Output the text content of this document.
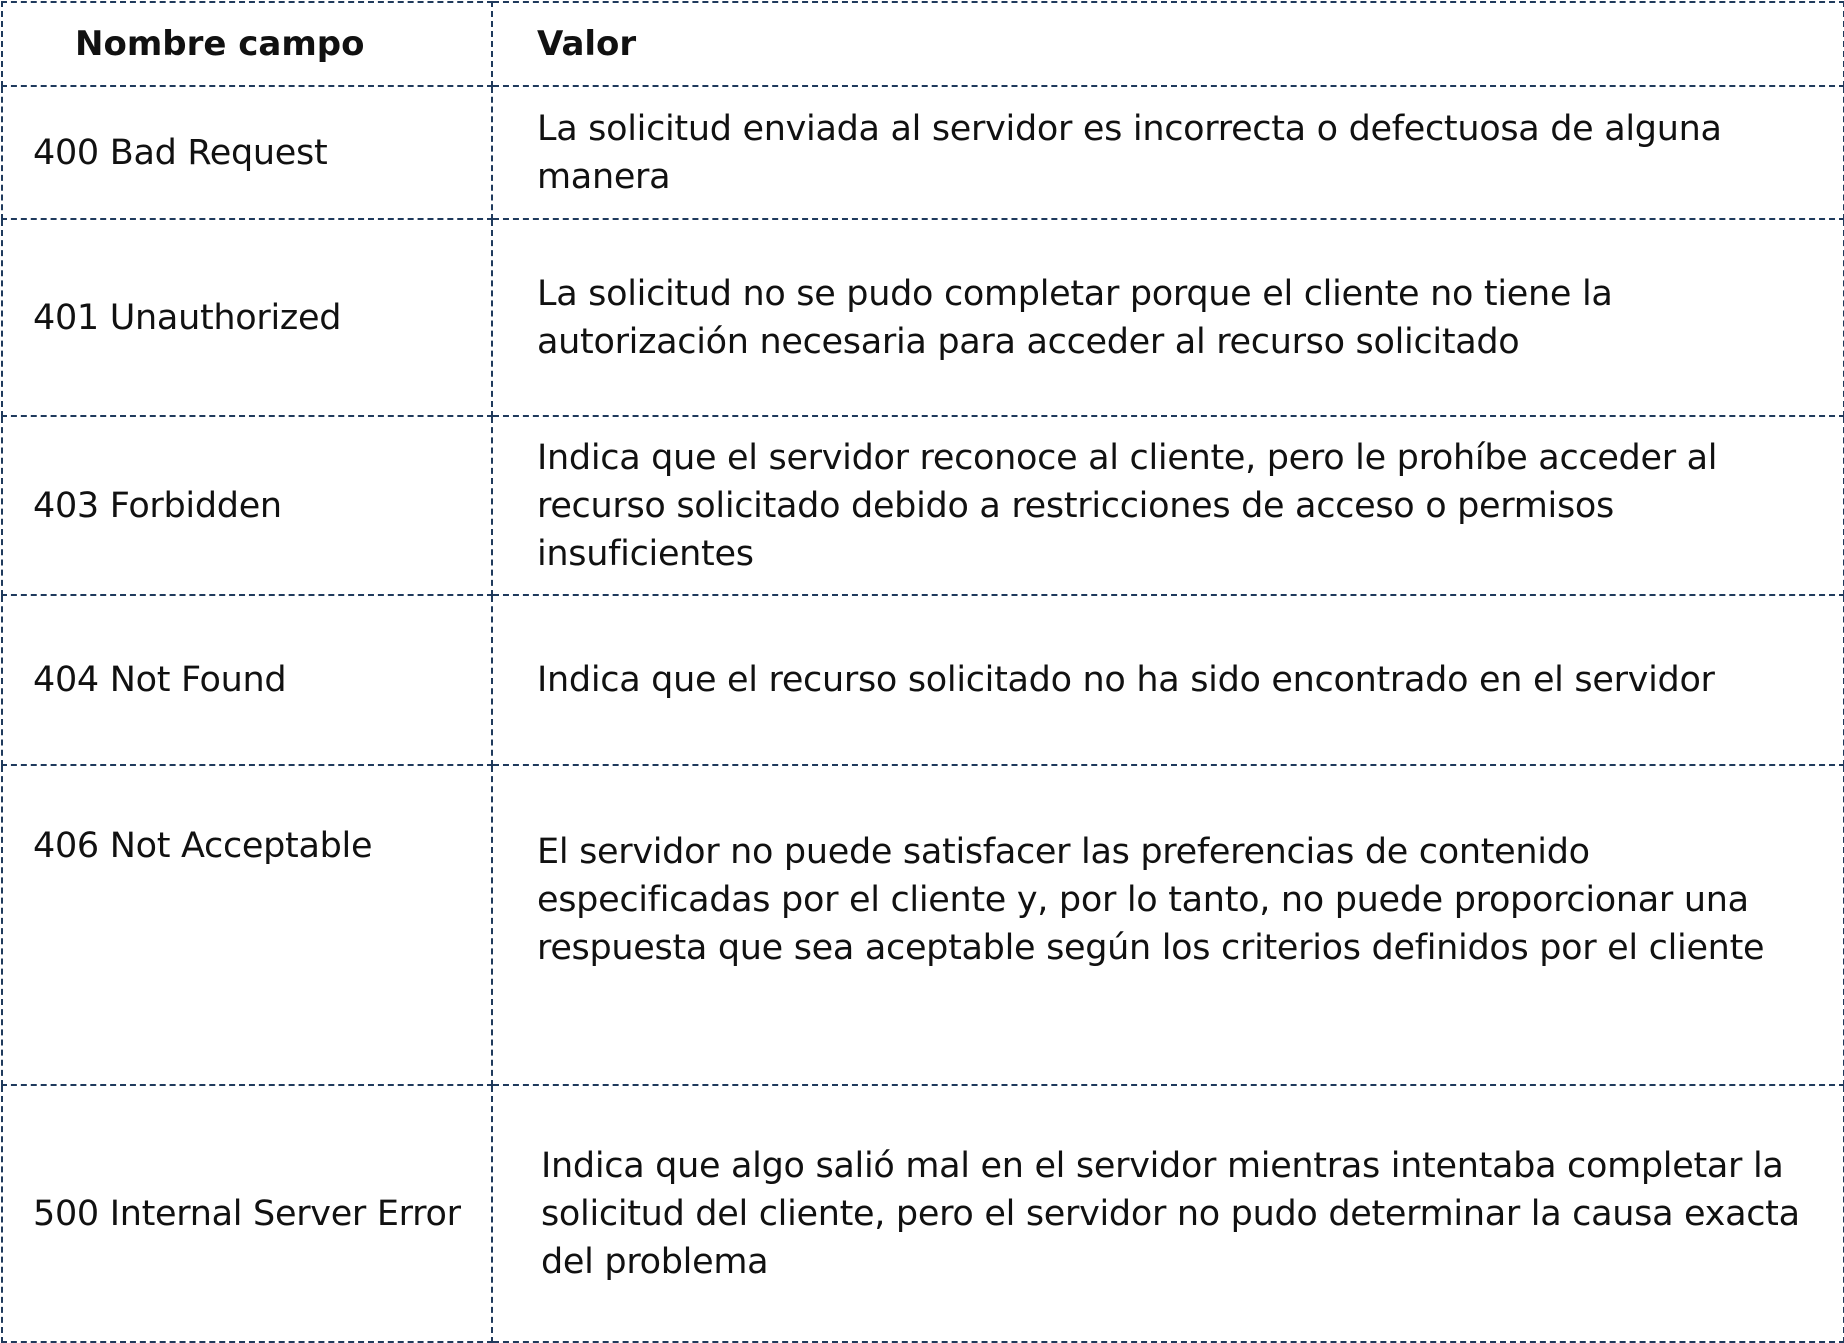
Nombre campo	Valor
400 Bad Request	La solicitud enviada al servidor es incorrecta o defectuosa de alguna manera
401 Unauthorized	La solicitud no se pudo completar porque el cliente no tiene la autorización necesaria para acceder al recurso solicitado
403 Forbidden	Indica que el servidor reconoce al cliente, pero le prohíbe acceder al recurso solicitado debido a restricciones de acceso o permisos insuficientes
404 Not Found	Indica que el recurso solicitado no ha sido encontrado en el servidor
406 Not Acceptable	El servidor no puede satisfacer las preferencias de contenido especificadas por el cliente y, por lo tanto, no puede proporcionar una respuesta que sea aceptable según los criterios definidos por el cliente
500 Internal Server Error	Indica que algo salió mal en el servidor mientras intentaba completar la solicitud del cliente, pero el servidor no pudo determinar la causa exacta del problema
